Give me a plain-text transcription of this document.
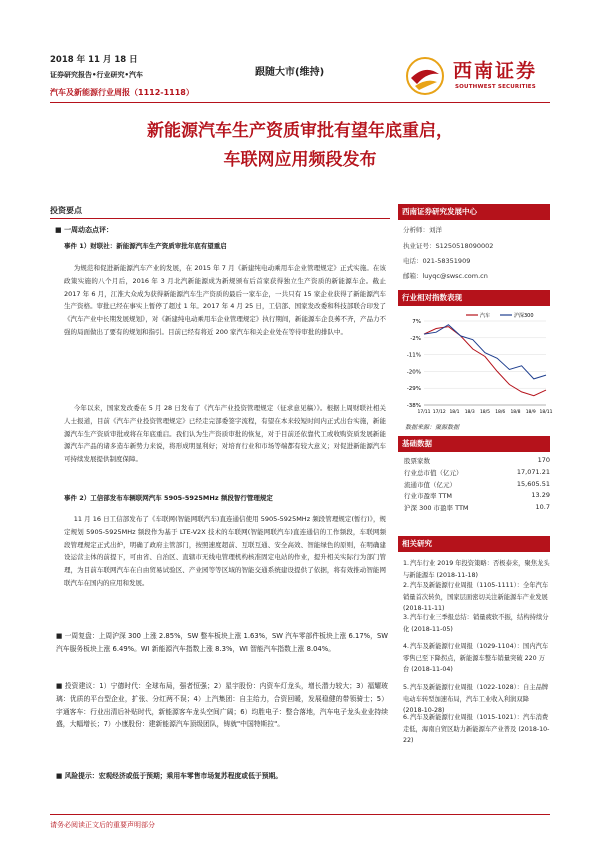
2018 年 11 月 18 日
证券研究报告•行业研究•汽车
汽车及新能源行业周报（1112-1118）
跟随大市(维持)	西南证券
SOUTHWEST SECURITIES
新能源汽车生产资质审批有望年底重启，
车联网应用频段发布
投资要点
■ 一周动态点评：
事件 1）财联社：新能源汽车生产资质审批年底有望重启
为规范和促进新能源汽车产业的发展，在 2015 年 7 月《新建纯电动乘用车企业管理规定》正式实施。在该政策实施的八个月后，2016 年 3 月北汽新能源成为新规颁布后首家获得独立生产资质的新能源车企。截止 2017 年 6 月，江淮大众成为获得新能源汽车生产资质的最后一家车企，一共只有 15 家企业获得了新能源汽车生产资格。审批已经在事实上暂停了超过 1 年。2017 年 4 月 25 日，工信部、国家发改委和科技部联合印发了《汽车产业中长期发展规划》，对《新建纯电动乘用车企业管理规定》执行期间，新能源车企良莠不齐，产品力不强的局面做出了要有的规划和指引。目前已经有将近 200 家汽车和关企业处在等待审批的排队中。
今年以来，国家发改委在 5 月 28 日发布了《汽车产业投资管理规定（征求意见稿）》。根据上周财联社相关人士报道，目前《汽车产业投资管理规定》已经走完部委签字流程，有望在本来较短时间内正式出台实施，新能源汽车生产资质审批或将在年底重启。我们认为生产资质审批的恢复，对于目前还依靠代工或收购资质发展新能源汽车产品的诸多造车新势力来说，将形成明显利好；对培育行业和市场等端都有较大意义；对促进新能源汽车可持续发展提供制度保障。
事件 2）工信部发布车辆联网汽车 5905-5925MHz 频段智行管理规定
11 月 16 日工信部发布了《车联网(智能网联汽车)直连通信使用 5905-5925MHz 频段管理规定(暂行)》，规定规划 5905-5925MHz 频段作为基于 LTE-V2X 技术的车联网(智能网联汽车)直连通信的工作频段，车联网频段管理规定正式出炉，明确了政府主管部门，按照速度超前、互联互通、安全高效、智能绿色的原则，在明确建设运营主体的前提下，可由省、自治区、直辖市无线电管理机构核准固定电站的作业，提升相关实际行为部门管理，为目前车联网汽车在自由贸易试验区、产业园等等区域的智能交通系统建设提供了依据，将有效推动智能网联汽车在国内的应用和发展。
■ 一周复盘：上周沪深 300 上涨 2.85%，SW 整车板块上涨 1.63%，SW 汽车零部件板块上涨 6.17%，SW 汽车服务板块上涨 6.49%。WI 新能源汽车指数上涨 8.3%，WI 智能汽车指数上涨 8.04%。
■ 投资建议：1）宁德时代：全球布局，强者恒强；2）星宇股份：内资车灯龙头，增长潜力较大；3）福耀玻璃：优质的平台型企业，扩张、分红两不误；4）上汽集团：自主给力，合资回暖，发展稳健的带领骑士；5）宇通客车：行业出清后补贴时代，新能源客车龙头空间广阔；6）均胜电子：整合落地，汽车电子龙头业业持续盛，大幅增长；7）小康股份：建新能源汽车顶级团队，铸就"中国特斯拉"。
■ 风险提示：宏观经济或低于预期；乘用车零售市场复苏程度或低于预期。
西南证券研究发展中心
分析师：刘洋
执业证号：S1250518090002
电话：021-58351909
邮箱：luyqc@swsc.com.cn
行业相对指数表现
7%
-2%
-11%
-20%
-29%
-38%
17/11 17/12 18/1 18/3 18/5 18/6 18/8 18/9 18/11
汽车	沪深300
数据来源：聚源数据
基础数据
股票家数	170
行业总市值（亿元）	17,071.21
流通市值（亿元）	15,605.51
行业市盈率 TTM	13.29
沪深 300 市盈率 TTM	10.7
相关研究
1.汽车行业 2019 年投资策略：否极泰来，聚焦龙头与新能源车 (2018-11-18)
2.汽车及新能源行业周报（1105-1111）：全年汽车销量首次转负，国家层面密切关注新能源车产业发展 (2018-11-11)
3.汽车行业三季报总结：销量疲软不振，结构持续分化 (2018-11-05)
4.汽车及新能源行业周报（1029-1104）：国内汽车零售已至下降拐点，新能源车整车销量突破 220 万台 (2018-11-04)
5.汽车及新能源行业周报（1022-1028）：自主品牌电动车转型加速布局，汽车工业收入利润双降 (2018-10-28)
6.汽车及新能源行业周报（1015-1021）：汽车消费走低，海南自贸区助力新能源车产业普及 (2018-10-22)
请务必阅读正文后的重要声明部分
